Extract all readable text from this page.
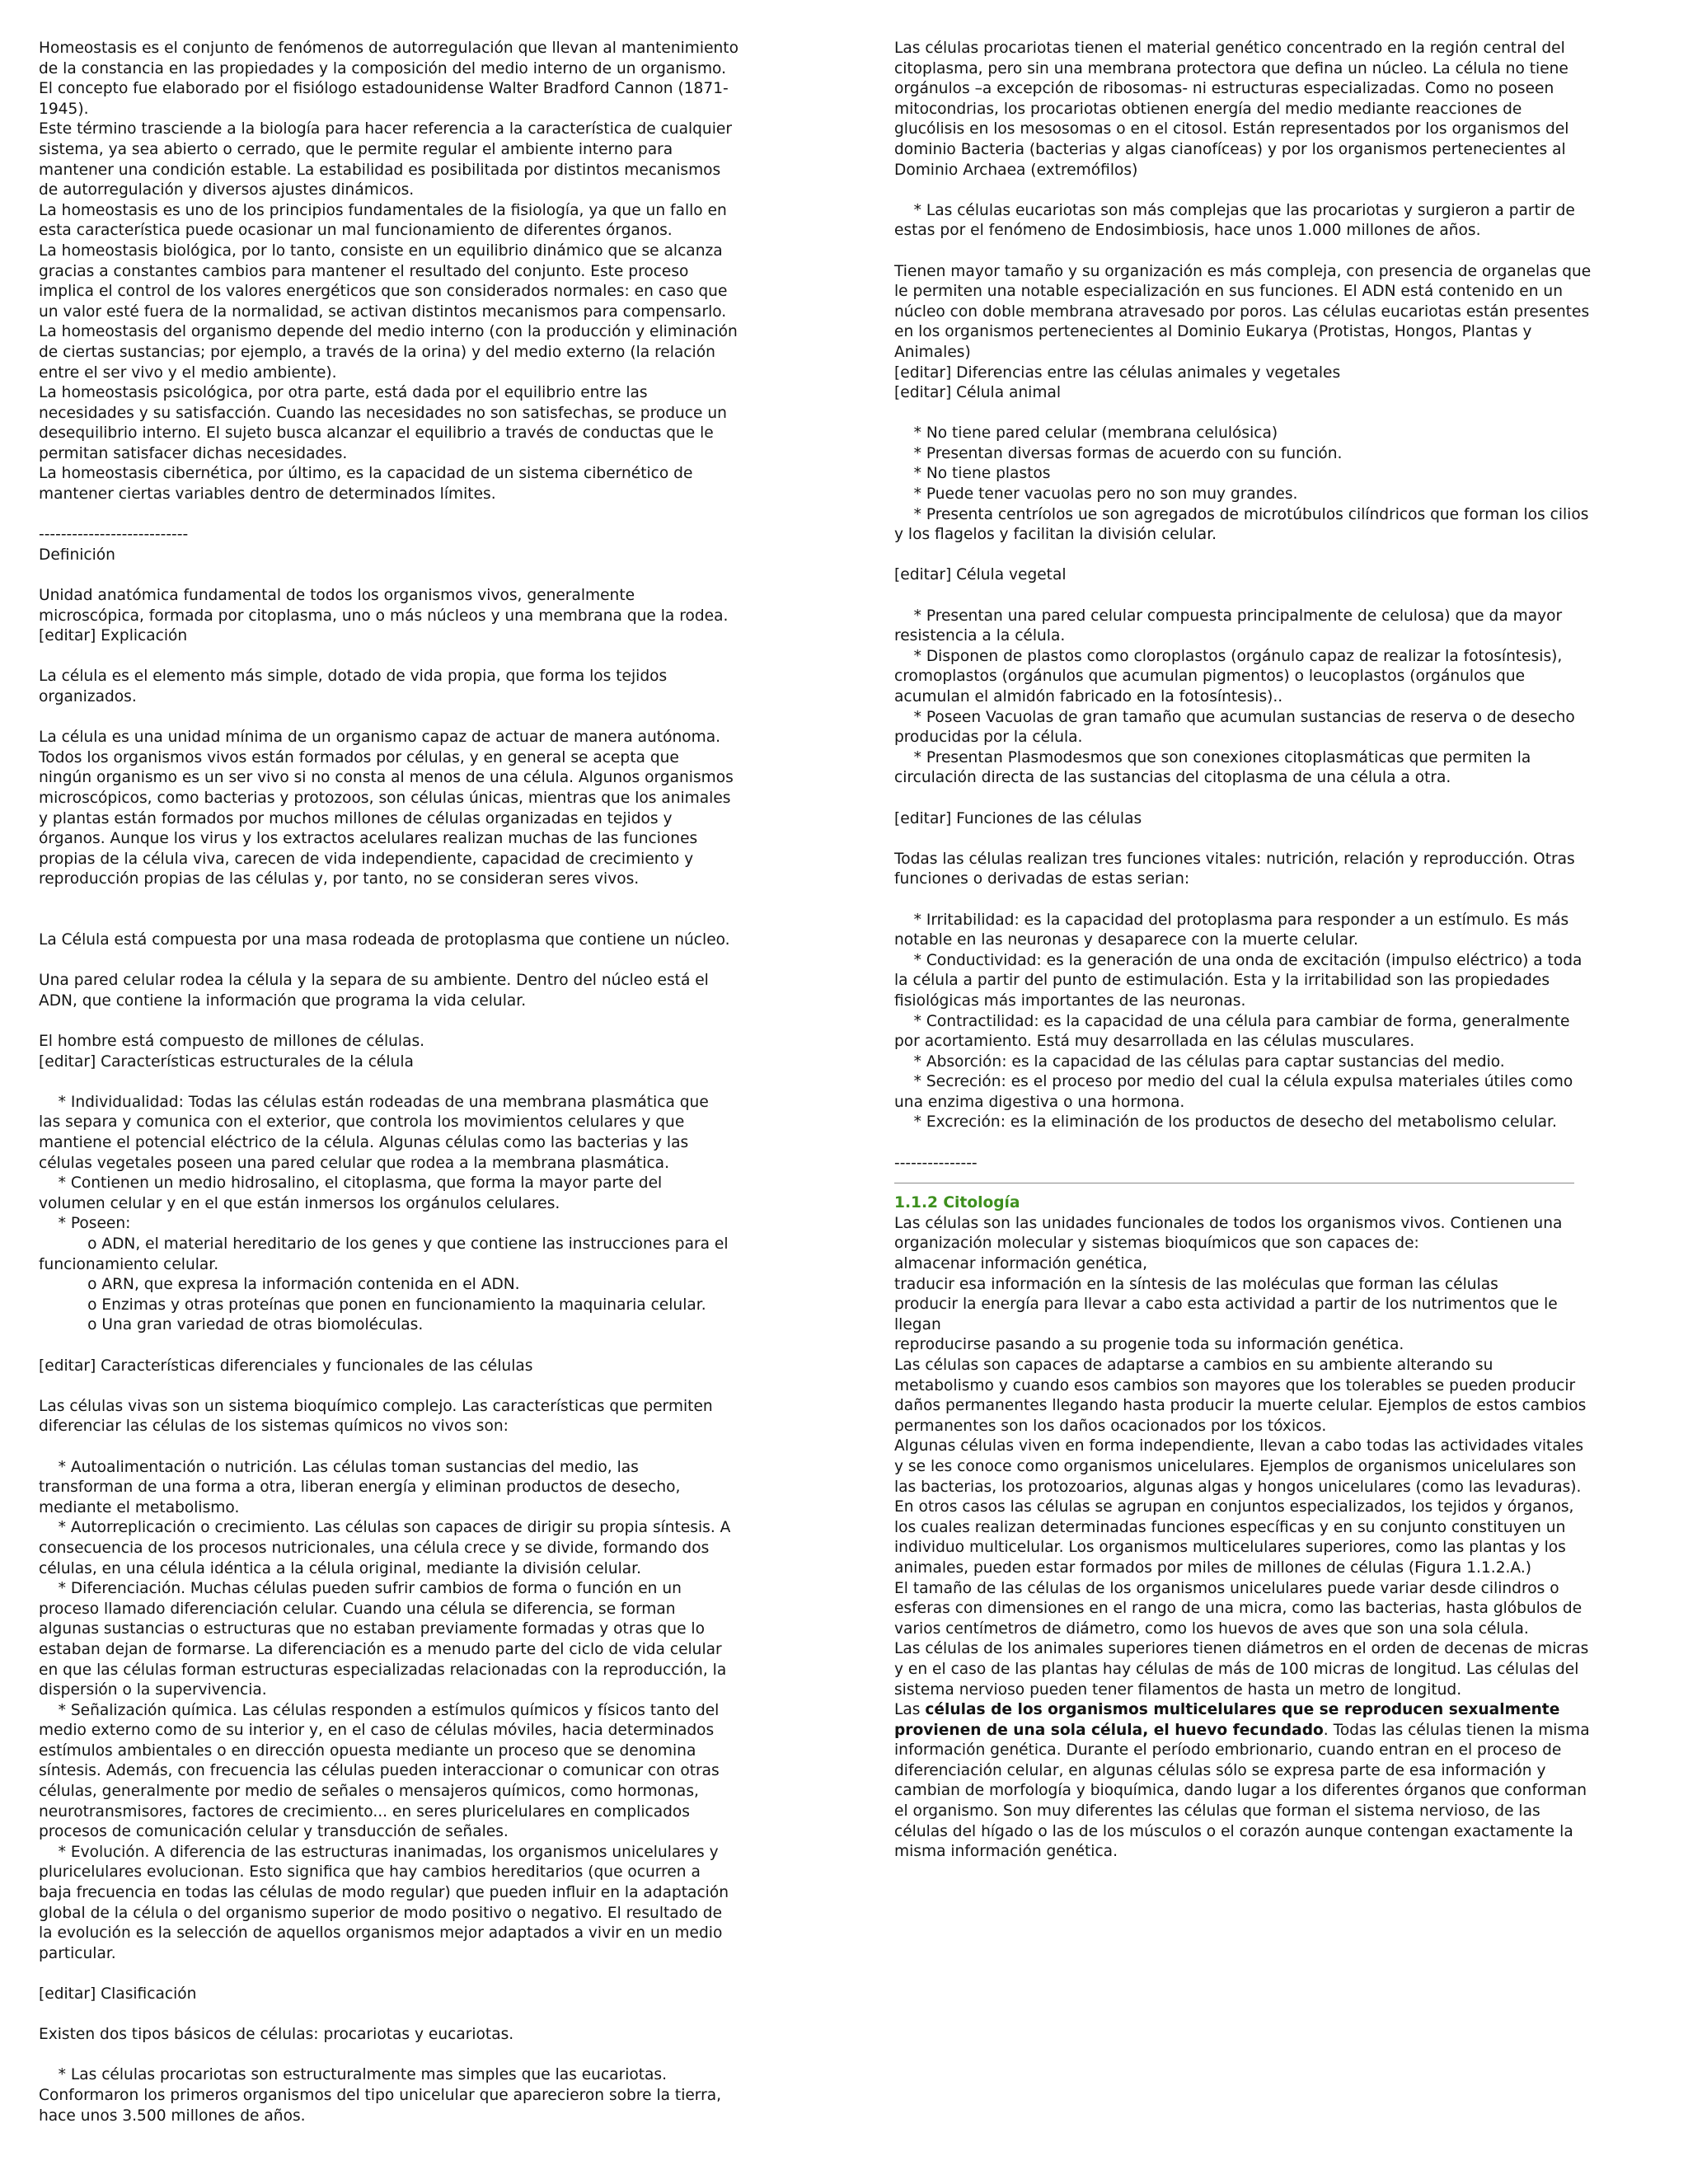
Homeostasis es el conjunto de fenómenos de autorregulación que llevan al mantenimiento
de la constancia en las propiedades y la composición del medio interno de un organismo.
El concepto fue elaborado por el fisiólogo estadounidense Walter Bradford Cannon (1871-
1945).
Este término trasciende a la biología para hacer referencia a la característica de cualquier
sistema, ya sea abierto o cerrado, que le permite regular el ambiente interno para
mantener una condición estable. La estabilidad es posibilitada por distintos mecanismos
de autorregulación y diversos ajustes dinámicos.
La homeostasis es uno de los principios fundamentales de la fisiología, ya que un fallo en
esta característica puede ocasionar un mal funcionamiento de diferentes órganos.
La homeostasis biológica, por lo tanto, consiste en un equilibrio dinámico que se alcanza
gracias a constantes cambios para mantener el resultado del conjunto. Este proceso
implica el control de los valores energéticos que son considerados normales: en caso que
un valor esté fuera de la normalidad, se activan distintos mecanismos para compensarlo.
La homeostasis del organismo depende del medio interno (con la producción y eliminación
de ciertas sustancias; por ejemplo, a través de la orina) y del medio externo (la relación
entre el ser vivo y el medio ambiente).
La homeostasis psicológica, por otra parte, está dada por el equilibrio entre las
necesidades y su satisfacción. Cuando las necesidades no son satisfechas, se produce un
desequilibrio interno. El sujeto busca alcanzar el equilibrio a través de conductas que le
permitan satisfacer dichas necesidades.
La homeostasis cibernética, por último, es la capacidad de un sistema cibernético de
mantener ciertas variables dentro de determinados límites.
---------------------------
Definición
Unidad anatómica fundamental de todos los organismos vivos, generalmente
microscópica, formada por citoplasma, uno o más núcleos y una membrana que la rodea.
[editar] Explicación
La célula es el elemento más simple, dotado de vida propia, que forma los tejidos
organizados.
La célula es una unidad mínima de un organismo capaz de actuar de manera autónoma.
Todos los organismos vivos están formados por células, y en general se acepta que
ningún organismo es un ser vivo si no consta al menos de una célula. Algunos organismos
microscópicos, como bacterias y protozoos, son células únicas, mientras que los animales
y plantas están formados por muchos millones de células organizadas en tejidos y
órganos. Aunque los virus y los extractos acelulares realizan muchas de las funciones
propias de la célula viva, carecen de vida independiente, capacidad de crecimiento y
reproducción propias de las células y, por tanto, no se consideran seres vivos.
La Célula está compuesta por una masa rodeada de protoplasma que contiene un núcleo.
Una pared celular rodea la célula y la separa de su ambiente. Dentro del núcleo está el
ADN, que contiene la información que programa la vida celular.
El hombre está compuesto de millones de células.
[editar] Características estructurales de la célula
* Individualidad: Todas las células están rodeadas de una membrana plasmática que
las separa y comunica con el exterior, que controla los movimientos celulares y que
mantiene el potencial eléctrico de la célula. Algunas células como las bacterias y las
células vegetales poseen una pared celular que rodea a la membrana plasmática.
* Contienen un medio hidrosalino, el citoplasma, que forma la mayor parte del
volumen celular y en el que están inmersos los orgánulos celulares.
* Poseen:
o ADN, el material hereditario de los genes y que contiene las instrucciones para el
funcionamiento celular.
o ARN, que expresa la información contenida en el ADN.
o Enzimas y otras proteínas que ponen en funcionamiento la maquinaria celular.
o Una gran variedad de otras biomoléculas.
[editar] Características diferenciales y funcionales de las células
Las células vivas son un sistema bioquímico complejo. Las características que permiten
diferenciar las células de los sistemas químicos no vivos son:
* Autoalimentación o nutrición. Las células toman sustancias del medio, las
transforman de una forma a otra, liberan energía y eliminan productos de desecho,
mediante el metabolismo.
* Autorreplicación o crecimiento. Las células son capaces de dirigir su propia síntesis. A
consecuencia de los procesos nutricionales, una célula crece y se divide, formando dos
células, en una célula idéntica a la célula original, mediante la división celular.
* Diferenciación. Muchas células pueden sufrir cambios de forma o función en un
proceso llamado diferenciación celular. Cuando una célula se diferencia, se forman
algunas sustancias o estructuras que no estaban previamente formadas y otras que lo
estaban dejan de formarse. La diferenciación es a menudo parte del ciclo de vida celular
en que las células forman estructuras especializadas relacionadas con la reproducción, la
dispersión o la supervivencia.
* Señalización química. Las células responden a estímulos químicos y físicos tanto del
medio externo como de su interior y, en el caso de células móviles, hacia determinados
estímulos ambientales o en dirección opuesta mediante un proceso que se denomina
síntesis. Además, con frecuencia las células pueden interaccionar o comunicar con otras
células, generalmente por medio de señales o mensajeros químicos, como hormonas,
neurotransmisores, factores de crecimiento... en seres pluricelulares en complicados
procesos de comunicación celular y transducción de señales.
* Evolución. A diferencia de las estructuras inanimadas, los organismos unicelulares y
pluricelulares evolucionan. Esto significa que hay cambios hereditarios (que ocurren a
baja frecuencia en todas las células de modo regular) que pueden influir en la adaptación
global de la célula o del organismo superior de modo positivo o negativo. El resultado de
la evolución es la selección de aquellos organismos mejor adaptados a vivir en un medio
particular.
[editar] Clasificación
Existen dos tipos básicos de células: procariotas y eucariotas.
* Las células procariotas son estructuralmente mas simples que las eucariotas.
Conformaron los primeros organismos del tipo unicelular que aparecieron sobre la tierra,
hace unos 3.500 millones de años.
Las células procariotas tienen el material genético concentrado en la región central del
citoplasma, pero sin una membrana protectora que defina un núcleo. La célula no tiene
orgánulos –a excepción de ribosomas- ni estructuras especializadas. Como no poseen
mitocondrias, los procariotas obtienen energía del medio mediante reacciones de
glucólisis en los mesosomas o en el citosol. Están representados por los organismos del
dominio Bacteria (bacterias y algas cianofíceas) y por los organismos pertenecientes al
Dominio Archaea (extremófilos)
* Las células eucariotas son más complejas que las procariotas y surgieron a partir de
estas por el fenómeno de Endosimbiosis, hace unos 1.000 millones de años.
Tienen mayor tamaño y su organización es más compleja, con presencia de organelas que
le permiten una notable especialización en sus funciones. El ADN está contenido en un
núcleo con doble membrana atravesado por poros. Las células eucariotas están presentes
en los organismos pertenecientes al Dominio Eukarya (Protistas, Hongos, Plantas y
Animales)
[editar] Diferencias entre las células animales y vegetales
[editar] Célula animal
* No tiene pared celular (membrana celulósica)
* Presentan diversas formas de acuerdo con su función.
* No tiene plastos
* Puede tener vacuolas pero no son muy grandes.
* Presenta centríolos ue son agregados de microtúbulos cilíndricos que forman los cilios
y los flagelos y facilitan la división celular.
[editar] Célula vegetal
* Presentan una pared celular compuesta principalmente de celulosa) que da mayor
resistencia a la célula.
* Disponen de plastos como cloroplastos (orgánulo capaz de realizar la fotosíntesis),
cromoplastos (orgánulos que acumulan pigmentos) o leucoplastos (orgánulos que
acumulan el almidón fabricado en la fotosíntesis)..
* Poseen Vacuolas de gran tamaño que acumulan sustancias de reserva o de desecho
producidas por la célula.
* Presentan Plasmodesmos que son conexiones citoplasmáticas que permiten la
circulación directa de las sustancias del citoplasma de una célula a otra.
[editar] Funciones de las células
Todas las células realizan tres funciones vitales: nutrición, relación y reproducción. Otras
funciones o derivadas de estas serian:
* Irritabilidad: es la capacidad del protoplasma para responder a un estímulo. Es más
notable en las neuronas y desaparece con la muerte celular.
* Conductividad: es la generación de una onda de excitación (impulso eléctrico) a toda
la célula a partir del punto de estimulación. Esta y la irritabilidad son las propiedades
fisiológicas más importantes de las neuronas.
* Contractilidad: es la capacidad de una célula para cambiar de forma, generalmente
por acortamiento. Está muy desarrollada en las células musculares.
* Absorción: es la capacidad de las células para captar sustancias del medio.
* Secreción: es el proceso por medio del cual la célula expulsa materiales útiles como
una enzima digestiva o una hormona.
* Excreción: es la eliminación de los productos de desecho del metabolismo celular.
---------------
1.1.2 Citología
Las células son las unidades funcionales de todos los organismos vivos. Contienen una
organización molecular y sistemas bioquímicos que son capaces de:
almacenar información genética,
traducir esa información en la síntesis de las moléculas que forman las células
producir la energía para llevar a cabo esta actividad a partir de los nutrimentos que le
llegan
reproducirse pasando a su progenie toda su información genética.
Las células son capaces de adaptarse a cambios en su ambiente alterando su
metabolismo y cuando esos cambios son mayores que los tolerables se pueden producir
daños permanentes llegando hasta producir la muerte celular. Ejemplos de estos cambios
permanentes son los daños ocacionados por los tóxicos.
Algunas células viven en forma independiente, llevan a cabo todas las actividades vitales
y se les conoce como organismos unicelulares. Ejemplos de organismos unicelulares son
las bacterias, los protozoarios, algunas algas y hongos unicelulares (como las levaduras).
En otros casos las células se agrupan en conjuntos especializados, los tejidos y órganos,
los cuales realizan determinadas funciones específicas y en su conjunto constituyen un
individuo multicelular. Los organismos multicelulares superiores, como las plantas y los
animales, pueden estar formados por miles de millones de células (Figura 1.1.2.A.)
El tamaño de las células de los organismos unicelulares puede variar desde cilindros o
esferas con dimensiones en el rango de una micra, como las bacterias, hasta glóbulos de
varios centímetros de diámetro, como los huevos de aves que son una sola célula.
Las células de los animales superiores tienen diámetros en el orden de decenas de micras
y en el caso de las plantas hay células de más de 100 micras de longitud. Las células del
sistema nervioso pueden tener filamentos de hasta un metro de longitud.
Las células de los organismos multicelulares que se reproducen sexualmente
provienen de una sola célula, el huevo fecundado. Todas las células tienen la misma
información genética. Durante el período embrionario, cuando entran en el proceso de
diferenciación celular, en algunas células sólo se expresa parte de esa información y
cambian de morfología y bioquímica, dando lugar a los diferentes órganos que conforman
el organismo. Son muy diferentes las células que forman el sistema nervioso, de las
células del hígado o las de los músculos o el corazón aunque contengan exactamente la
misma información genética.
